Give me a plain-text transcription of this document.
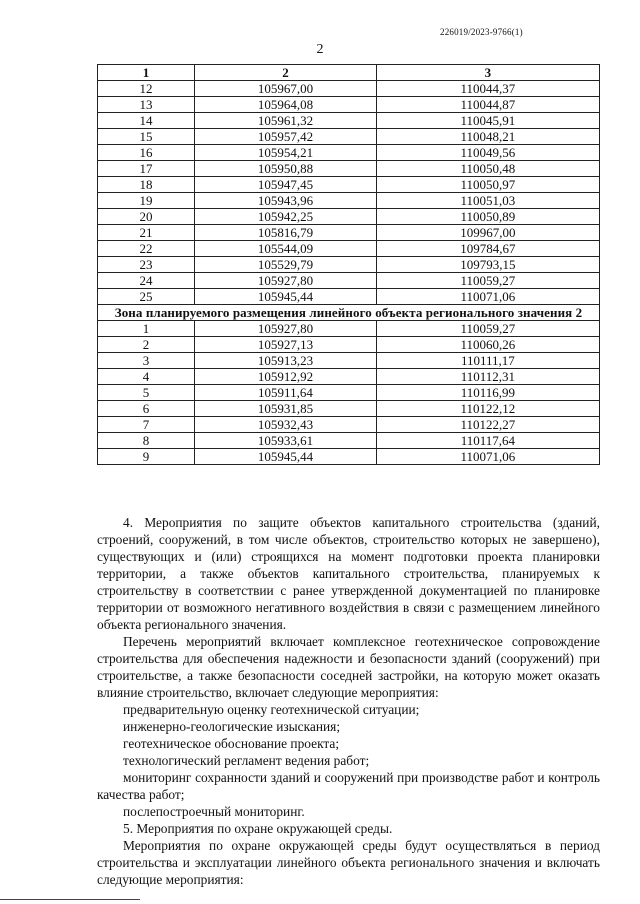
226019/2023-9766(1)
2
1	2	3
12	105967,00	110044,37
13	105964,08	110044,87
14	105961,32	110045,91
15	105957,42	110048,21
16	105954,21	110049,56
17	105950,88	110050,48
18	105947,45	110050,97
19	105943,96	110051,03
20	105942,25	110050,89
21	105816,79	109967,00
22	105544,09	109784,67
23	105529,79	109793,15
24	105927,80	110059,27
25	105945,44	110071,06
Зона планируемого размещения линейного объекта регионального значения 2		
1	105927,80	110059,27
2	105927,13	110060,26
3	105913,23	110111,17
4	105912,92	110112,31
5	105911,64	110116,99
6	105931,85	110122,12
7	105932,43	110122,27
8	105933,61	110117,64
9	105945,44	110071,06

4. Мероприятия по защите объектов капитального строительства (зданий, строений, сооружений, в том числе объектов, строительство которых не завершено), существующих и (или) строящихся на момент подготовки проекта планировки территории, а также объектов капитального строительства, планируемых к строительству в соответствии с ранее утвержденной документацией по планировке территории от возможного негативного воздействия в связи с размещением линейного объекта регионального значения.

Перечень мероприятий включает комплексное геотехническое сопровождение строительства для обеспечения надежности и безопасности зданий (сооружений) при строительстве, а также безопасности соседней застройки, на которую может оказать влияние строительство, включает следующие мероприятия:

предварительную оценку геотехнической ситуации;

инженерно-геологические изыскания;

геотехническое обоснование проекта;

технологический регламент ведения работ;

мониторинг сохранности зданий и сооружений при производстве работ и контроль качества работ;

послепостроечный мониторинг.

5. Мероприятия по охране окружающей среды.

Мероприятия по охране окружающей среды будут осуществляться в период строительства и эксплуатации линейного объекта регионального значения и включать следующие мероприятия:
